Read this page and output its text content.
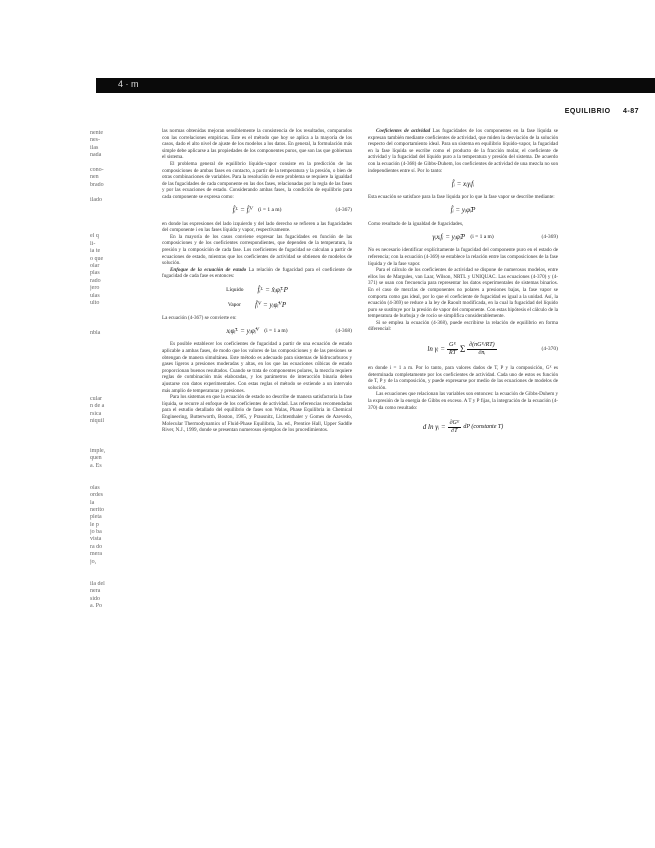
4 · m
EQUILIBRIO 4-87
nente
nes-
ilas
nada
cono-
nen
brado
ilado
el q
li-
ia te
o que
olar
plas
rado
jero
ulas
ulto
nbla
cular
n de a
rsica
niquil
imple,
quen
a. Es
olas
ordes
la
nerito
pleta
le p
jo ba
vista
ra do
mera
jo,
ila del
nera
sido
a. Po

las normas obtenidas mejoran sensiblemente la consistencia de los resultados, comparados con las correlaciones empíricas. Este es el método que hoy se aplica a la mayoría de los casos, dado el alto nivel de ajuste de los modelos a los datos. En general, la formulación más simple debe aplicarse a las propiedades de los componentes puros, que son las que gobiernan el sistema.

El problema general de equilibrio líquido-vapor consiste en la predicción de las composiciones de ambas fases en contacto, a partir de la temperatura y la presión, o bien de otras combinaciones de variables. Para la resolución de este problema se requiere la igualdad de las fugacidades de cada componente en las dos fases, relacionadas por la regla de las fases y por las ecuaciones de estado. Considerando ambas fases, la condición de equilibrio para cada componente se expresa como:

f̂ᵢᴸ = f̂ᵢⱽ
(i = 1 a m)	(4-367)

en donde las expresiones del lado izquierdo y del lado derecho se refieren a las fugacidades del componente i en las fases líquida y vapor, respectivamente.

En la mayoría de los casos conviene expresar las fugacidades en función de las composiciones y de los coeficientes correspondientes, que dependen de la temperatura, la presión y la composición de cada fase. Los coeficientes de fugacidad se calculan a partir de ecuaciones de estado, mientras que los coeficientes de actividad se obtienen de modelos de solución.

Enfoque de la ecuación de estado La relación de fugacidad para el coeficiente de fugacidad de cada fase es entonces:

Líquido f̂ᵢᴸ = x̂ᵢφ̂ᵢᴸP
Vapor f̂ᵢⱽ = yᵢφ̂ᵢⱽP

La ecuación (4-367) se convierte en:

xᵢφ̂ᵢᴸ = yᵢφ̂ᵢⱽ
(i = 1 a m)	(4-368)

Es posible establecer los coeficientes de fugacidad a partir de una ecuación de estado aplicable a ambas fases, de modo que los valores de las composiciones y de las presiones se obtengan de manera simultánea. Este método es adecuado para sistemas de hidrocarburos y gases ligeros a presiones moderadas y altas, en los que las ecuaciones cúbicas de estado proporcionan buenos resultados. Cuando se trata de componentes polares, la mezcla requiere reglas de combinación más elaboradas, y los parámetros de interacción binaria deben ajustarse con datos experimentales. Con estas reglas el método se extiende a un intervalo más amplio de temperaturas y presiones.

Para los sistemas en que la ecuación de estado no describe de manera satisfactoria la fase líquida, se recurre al enfoque de los coeficientes de actividad. Las referencias recomendadas para el estudio detallado del equilibrio de fases son Walas, Phase Equilibria in Chemical Engineering, Butterworth, Boston, 1985, y Prausnitz, Lichtenthaler y Gomes de Azevedo, Molecular Thermodynamics of Fluid-Phase Equilibria, 3a. ed., Prentice Hall, Upper Saddle River, N.J., 1999, donde se presentan numerosos ejemplos de los procedimientos.

Coeficientes de actividad Las fugacidades de los componentes en la fase líquida se expresan también mediante coeficientes de actividad, que miden la desviación de la solución respecto del comportamiento ideal. Para un sistema en equilibrio líquido-vapor, la fugacidad en la fase líquida se escribe como el producto de la fracción molar, el coeficiente de actividad y la fugacidad del líquido puro a la temperatura y presión del sistema. De acuerdo con la ecuación (4-368) de Gibbs-Duhem, los coeficientes de actividad de una mezcla no son independientes entre sí. Por lo tanto:

f̂ᵢ = xᵢγᵢfᵢ

Esta ecuación se satisface para la fase líquida por lo que la fase vapor se describe mediante:

f̂ᵢ = yᵢφ̂ᵢP

Como resultado de la igualdad de fugacidades,

γᵢxᵢfᵢ = yᵢφ̂ᵢP
(i = 1 a m)	(4-369)

No es necesario identificar explícitamente la fugacidad del componente puro en el estado de referencia; con la ecuación (4-369) se establece la relación entre las composiciones de la fase líquida y de la fase vapor.

Para el cálculo de los coeficientes de actividad se dispone de numerosos modelos, entre ellos los de Margules, van Laar, Wilson, NRTL y UNIQUAC. Las ecuaciones (4-370) y (4-371) se usan con frecuencia para representar los datos experimentales de sistemas binarios. En el caso de mezclas de componentes no polares a presiones bajas, la fase vapor se comporta como gas ideal, por lo que el coeficiente de fugacidad es igual a la unidad. Así, la ecuación (4-369) se reduce a la ley de Raoult modificada, en la cual la fugacidad del líquido puro se sustituye por la presión de vapor del componente. Con estas hipótesis el cálculo de la temperatura de burbuja y de rocío se simplifica considerablemente.

Si se emplea la ecuación (4-368), puede escribirse la relación de equilibrio en forma diferencial:

ln γᵢ = $\frac{\text{Gᴱ}}{RT}$ Σ $\frac{\text{∂(nGᴱ/RT)}}{\text{∂nᵢ}}$	(4-370)

en donde i = 1 a m. Por lo tanto, para valores dados de T, P y la composición, Gᴱ es determinada completamente por los coeficientes de actividad. Cada uno de estos es función de T, P y de la composición, y puede expresarse por medio de las ecuaciones de modelos de solución.

Las ecuaciones que relacionan las variables son entonces: la ecuación de Gibbs-Duhem y la expresión de la energía de Gibbs en exceso. A T y P fijas, la integración de la ecuación (4-370) da como resultado:

d ln γᵢ = $\frac{\text{∂Gᴱ}}{\partial T}$ dP (constante T)
